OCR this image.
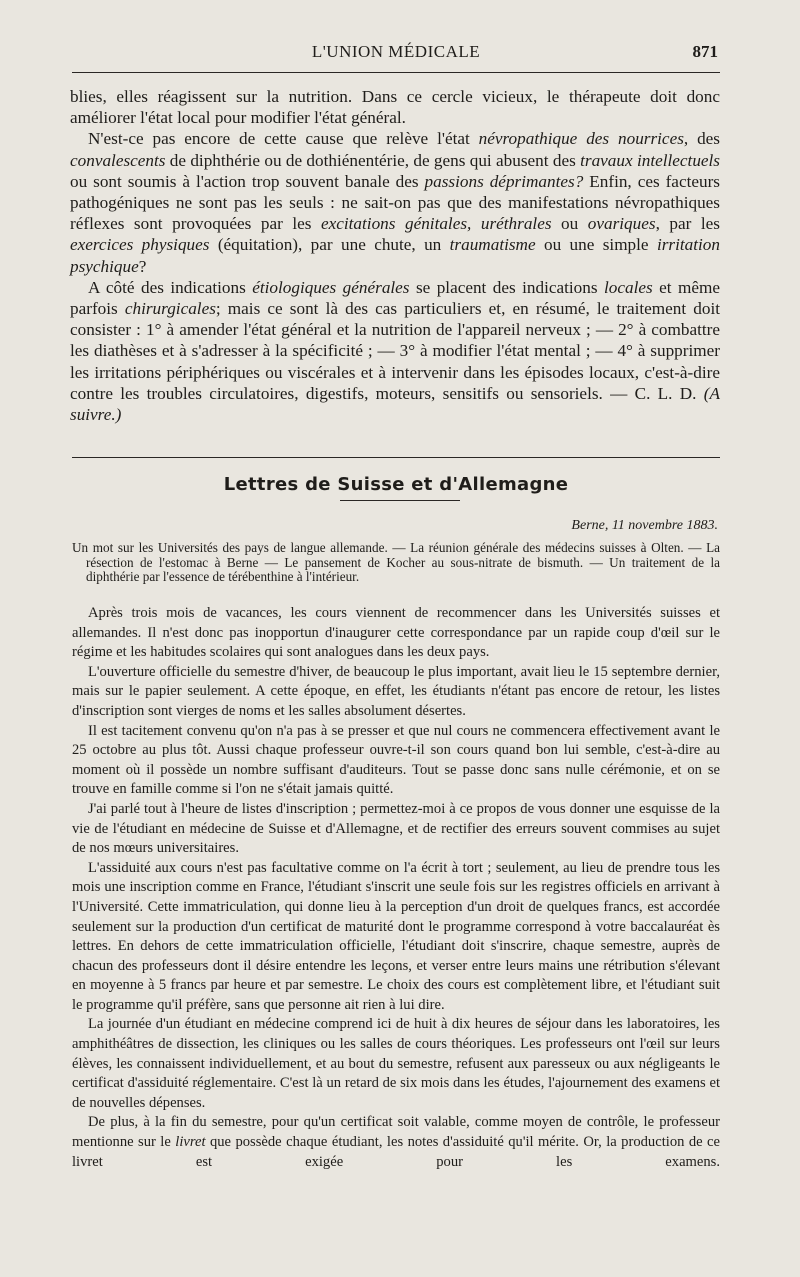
L'UNION MÉDICALE	871

blies, elles réagissent sur la nutrition. Dans ce cercle vicieux, le thérapeute doit donc améliorer l'état local pour modifier l'état général.

N'est-ce pas encore de cette cause que relève l'état névropathique des nourrices, des convalescents de diphthérie ou de dothiénentérie, de gens qui abusent des travaux intellectuels ou sont soumis à l'action trop souvent banale des passions déprimantes? Enfin, ces facteurs pathogéniques ne sont pas les seuls : ne sait-on pas que des manifestations névropathiques réflexes sont provoquées par les excitations génitales, uréthrales ou ovariques, par les exercices physiques (équitation), par une chute, un traumatisme ou une simple irritation psychique?

A côté des indications étiologiques générales se placent des indications locales et même parfois chirurgicales; mais ce sont là des cas particuliers et, en résumé, le traitement doit consister : 1° à amender l'état général et la nutrition de l'appareil nerveux ; — 2° à combattre les diathèses et à s'adresser à la spécificité ; — 3° à modifier l'état mental ; — 4° à supprimer les irritations périphériques ou viscérales et à intervenir dans les épisodes locaux, c'est-à-dire contre les troubles circulatoires, digestifs, moteurs, sensitifs ou sensoriels. — C. L. D. (A suivre.)

Lettres de Suisse et d'Allemagne
Berne, 11 novembre 1883.

Un mot sur les Universités des pays de langue allemande. — La réunion générale des médecins suisses à Olten. — La résection de l'estomac à Berne — Le pansement de Kocher au sous-nitrate de bismuth. — Un traitement de la diphthérie par l'essence de térébenthine à l'intérieur.

Après trois mois de vacances, les cours viennent de recommencer dans les Universités suisses et allemandes. Il n'est donc pas inopportun d'inaugurer cette correspondance par un rapide coup d'œil sur le régime et les habitudes scolaires qui sont analogues dans les deux pays.

L'ouverture officielle du semestre d'hiver, de beaucoup le plus important, avait lieu le 15 septembre dernier, mais sur le papier seulement. A cette époque, en effet, les étudiants n'étant pas encore de retour, les listes d'inscription sont vierges de noms et les salles absolument désertes.

Il est tacitement convenu qu'on n'a pas à se presser et que nul cours ne commencera effectivement avant le 25 octobre au plus tôt. Aussi chaque professeur ouvre-t-il son cours quand bon lui semble, c'est-à-dire au moment où il possède un nombre suffisant d'auditeurs. Tout se passe donc sans nulle cérémonie, et on se trouve en famille comme si l'on ne s'était jamais quitté.

J'ai parlé tout à l'heure de listes d'inscription ; permettez-moi à ce propos de vous donner une esquisse de la vie de l'étudiant en médecine de Suisse et d'Allemagne, et de rectifier des erreurs souvent commises au sujet de nos mœurs universitaires.

L'assiduité aux cours n'est pas facultative comme on l'a écrit à tort ; seulement, au lieu de prendre tous les mois une inscription comme en France, l'étudiant s'inscrit une seule fois sur les registres officiels en arrivant à l'Université. Cette immatriculation, qui donne lieu à la perception d'un droit de quelques francs, est accordée seulement sur la production d'un certificat de maturité dont le programme correspond à votre baccalauréat ès lettres. En dehors de cette immatriculation officielle, l'étudiant doit s'inscrire, chaque semestre, auprès de chacun des professeurs dont il désire entendre les leçons, et verser entre leurs mains une rétribution s'élevant en moyenne à 5 francs par heure et par semestre. Le choix des cours est complètement libre, et l'étudiant suit le programme qu'il préfère, sans que personne ait rien à lui dire.

La journée d'un étudiant en médecine comprend ici de huit à dix heures de séjour dans les laboratoires, les amphithéâtres de dissection, les cliniques ou les salles de cours théoriques. Les professeurs ont l'œil sur leurs élèves, les connaissent individuellement, et au bout du semestre, refusent aux paresseux ou aux négligeants le certificat d'assiduité réglementaire. C'est là un retard de six mois dans les études, l'ajournement des examens et de nouvelles dépenses.

De plus, à la fin du semestre, pour qu'un certificat soit valable, comme moyen de contrôle, le professeur mentionne sur le livret que possède chaque étudiant, les notes d'assiduité qu'il mérite. Or, la production de ce livret est exigée pour les examens.
